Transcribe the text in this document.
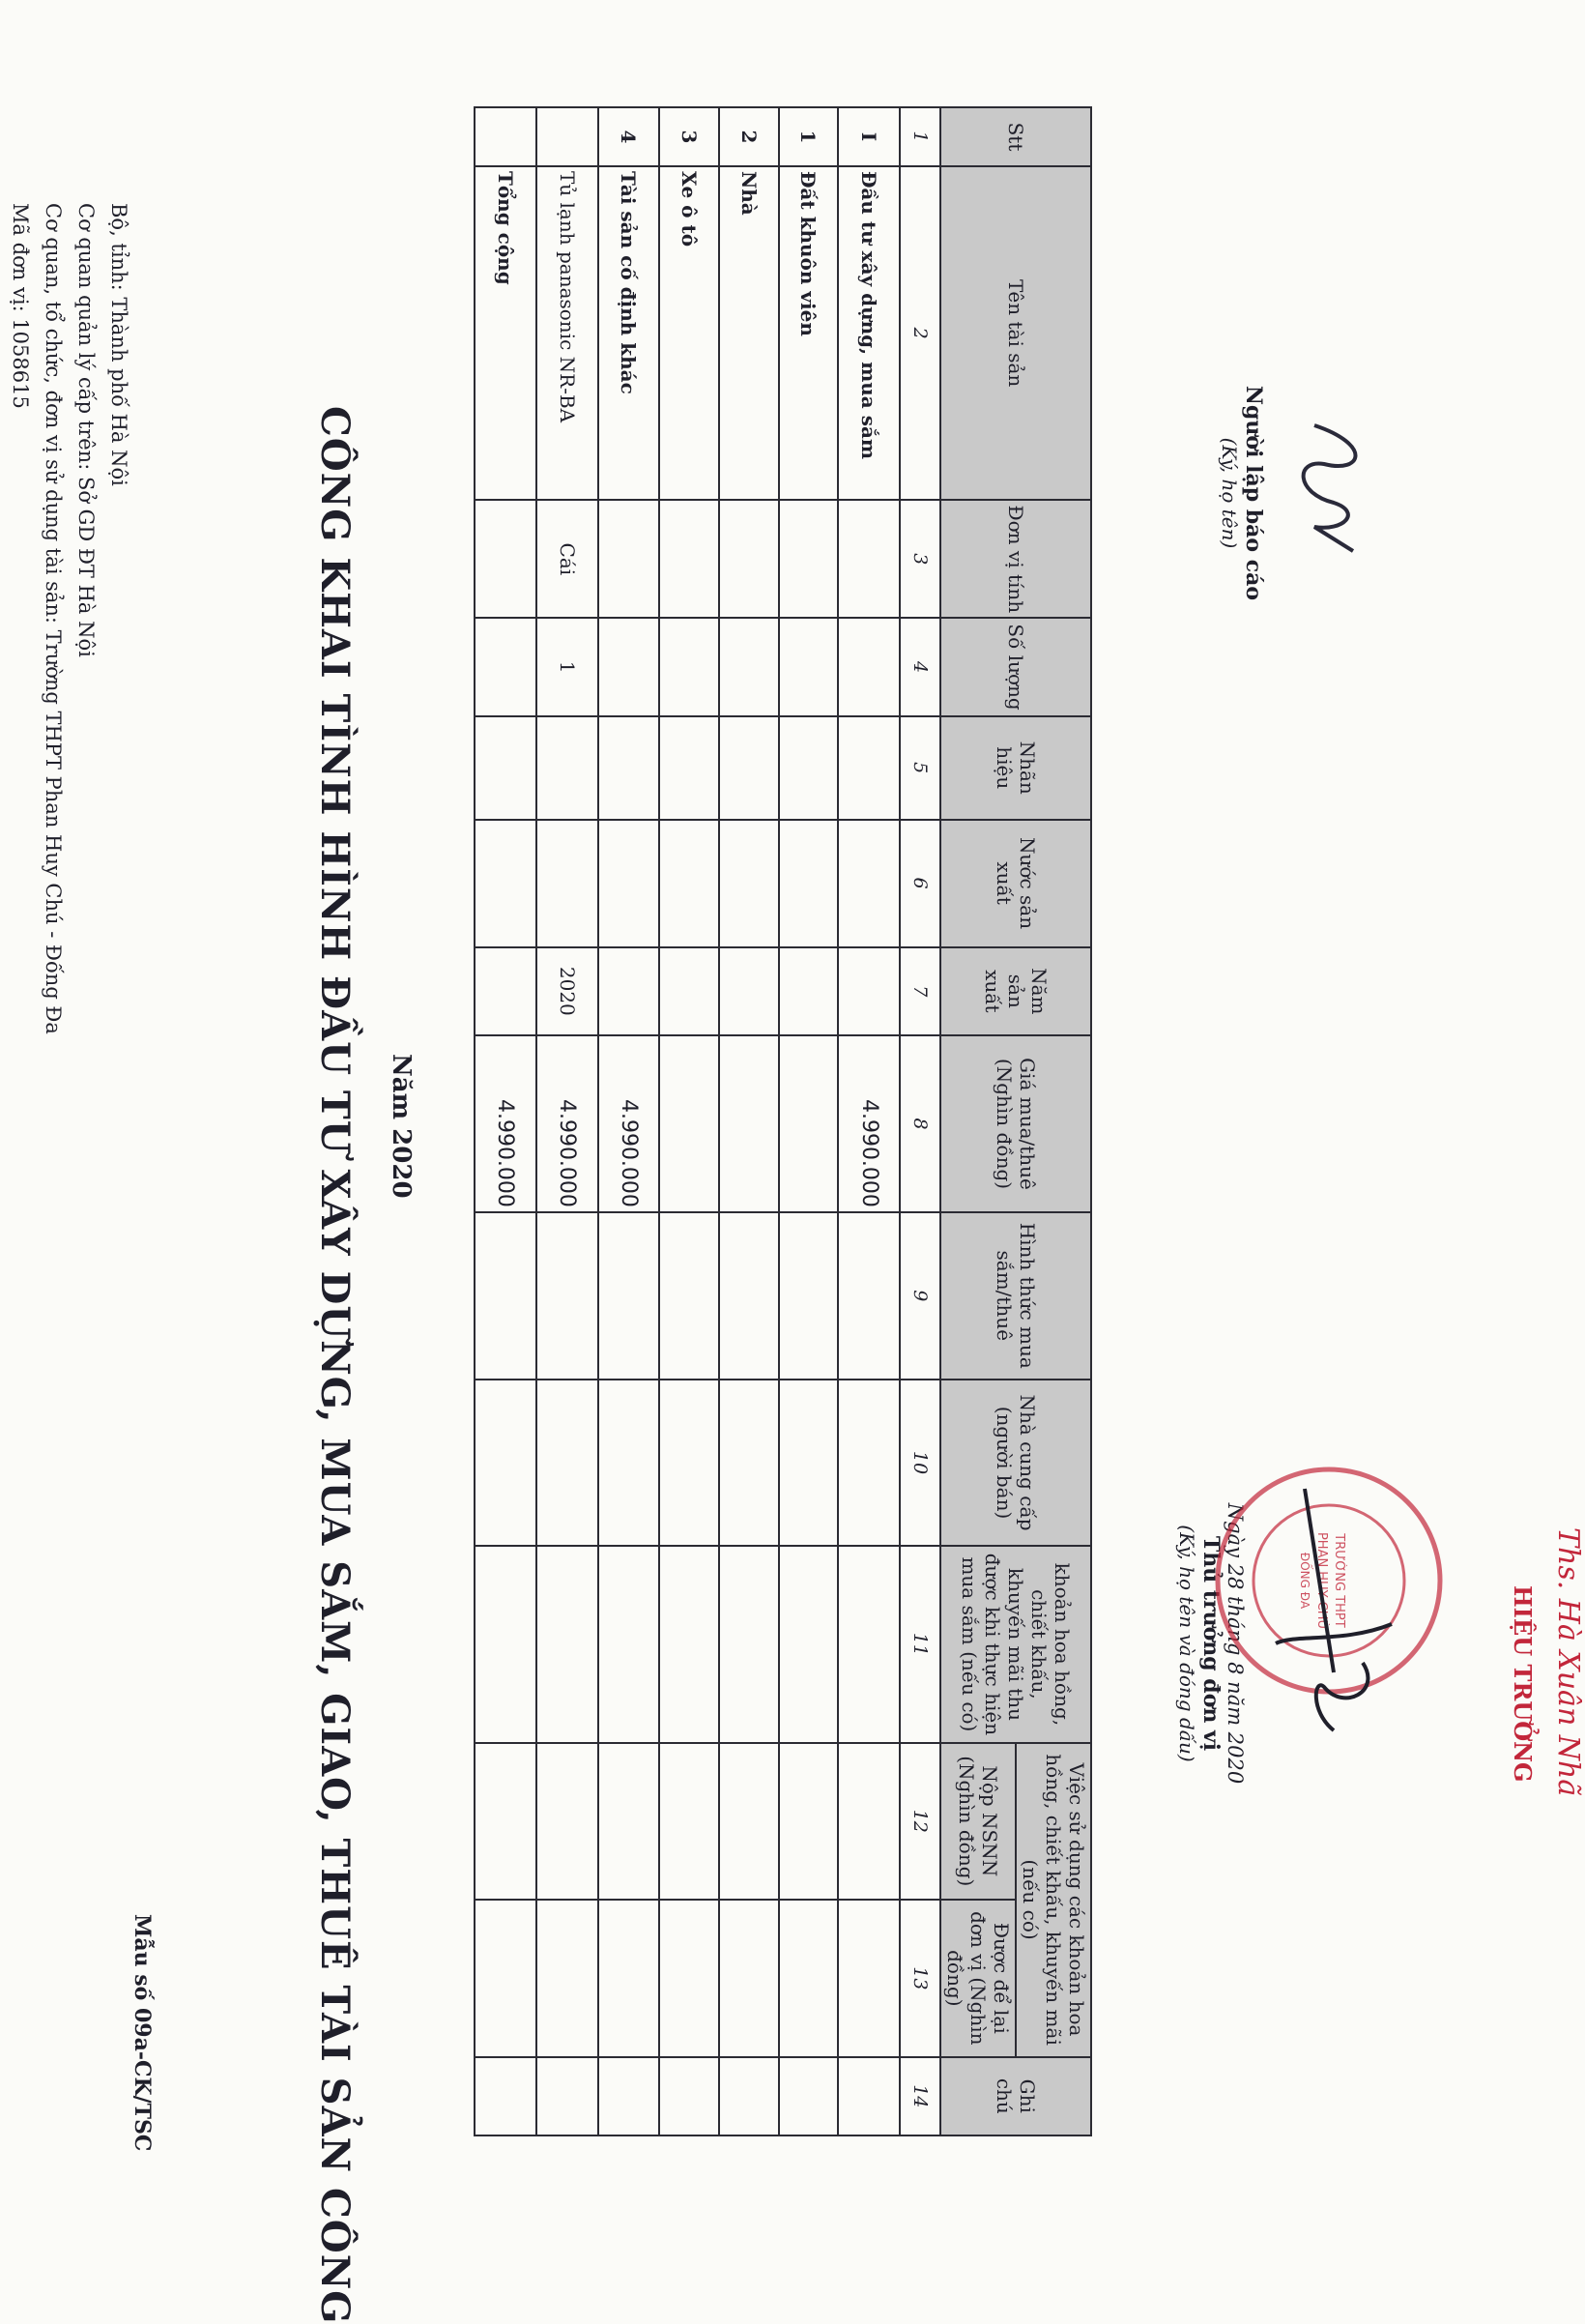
Mẫu số 09a-CK/TSC
Bộ, tỉnh: Thành phố Hà Nội
Cơ quan quản lý cấp trên: Sở GD ĐT Hà Nội
Cơ quan, tổ chức, đơn vị sử dụng tài sản: Trường THPT Phan Huy Chú - Đống Đa
Mã đơn vị: 1058615
CÔNG KHAI TÌNH HÌNH ĐẦU TƯ XÂY DỰNG, MUA SẮM, GIAO, THUÊ TÀI SẢN CÔNG Năm 2020
Stt	Tên tài sản	Đơn vị tính	Số lượng	Nhãn hiệu	Nước sản xuất	Năm sản xuất	Giá mua/thuê (Nghìn đồng)	Hình thức mua sắm/thuê	Nhà cung cấp (người bán)	khoản hoa hồng, chiết khấu, khuyến mãi thu được khi thực hiện mua sắm (nếu có)	Việc sử dụng các khoản hoa hồng, chiết khấu, khuyến mãi (nếu có)		Ghi chú
											Nộp NSNN (Nghìn đồng)	Được để lại đơn vị (Nghìn đồng)	
1	2	3	4	5	6	7	8	9	10	11	12	13	14
I	Đầu tư xây dựng, mua sắm						4.990.000						
1	Đất khuôn viên												
2	Nhà												
3	Xe ô tô												
4	Tài sản cố định khác						4.990.000						
	Tủ lạnh panasonic NR-BA	Cái	1			2020	4.990.000						
	Tổng cộng						4.990.000						
Người lập báo cáo
(Ký, họ tên)
Ngày 28 tháng 8 năm 2020
Thủ trưởng đơn vị
(Ký, họ tên và đóng dấu)	TRƯỜNG THPT
PHAN HUY CHÚ
ĐỐNG ĐA
HIỆU TRƯỞNG Ths. Hà Xuân Nhã
